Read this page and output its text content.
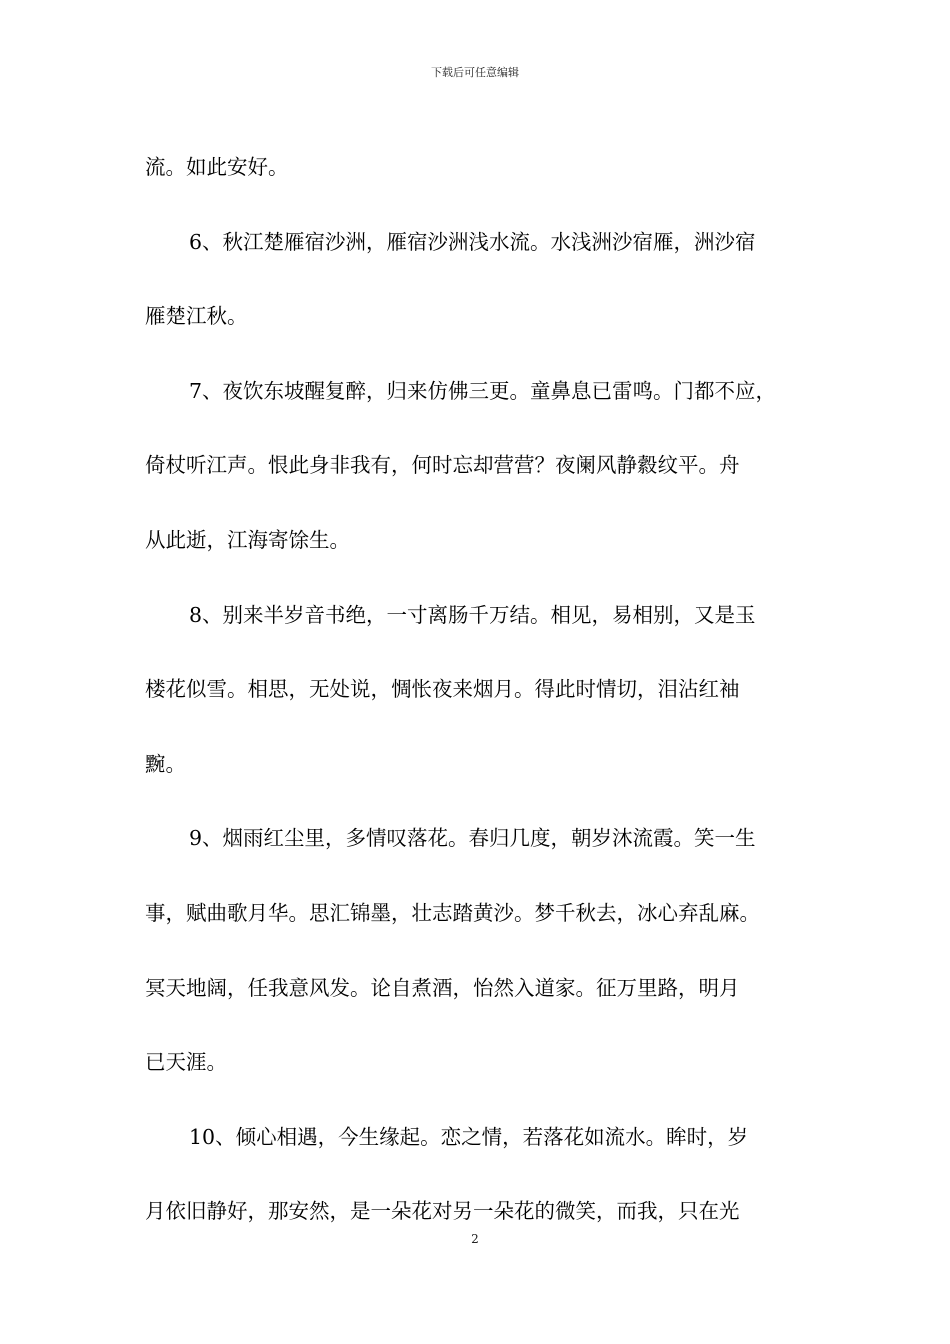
下载后可任意编辑

流。如此安好。

6、秋江楚雁宿沙洲，雁宿沙洲浅水流。水浅洲沙宿雁，洲沙宿
雁楚江秋。

7、夜饮东坡醒复醉，归来仿佛三更。童鼻息已雷鸣。门都不应，
倚杖听江声。恨此身非我有，何时忘却营营？夜阑风静縠纹平。舟
从此逝，江海寄馀生。

8、别来半岁音书绝，一寸离肠千万结。相见，易相别，又是玉
楼花似雪。相思，无处说，惆怅夜来烟月。得此时情切，泪沾红袖
黦。

9、烟雨红尘里，多情叹落花。春归几度，朝岁沐流霞。笑一生
事，赋曲歌月华。思汇锦墨，壮志踏黄沙。梦千秋去，冰心弃乱麻。
冥天地阔，任我意风发。论自煮酒，怡然入道家。征万里路，明月
已天涯。

10、倾心相遇，今生缘起。恋之情，若落花如流水。眸时，岁
月依旧静好，那安然，是一朵花对另一朵花的微笑，而我，只在光

2
